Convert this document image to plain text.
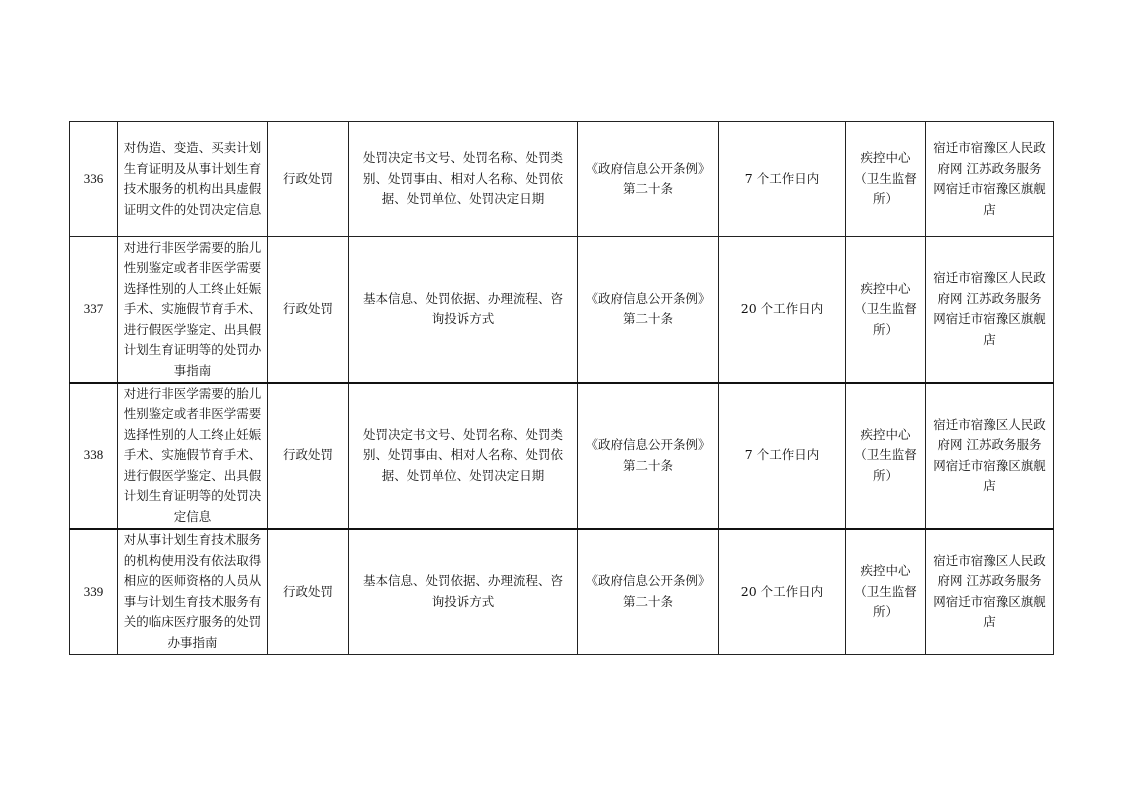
336	对伪造、变造、买卖计划生育证明及从事计划生育技术服务的机构出具虚假证明文件的处罚决定信息	行政处罚	处罚决定书文号、处罚名称、处罚类别、处罚事由、相对人名称、处罚依据、处罚单位、处罚决定日期	《政府信息公开条例》第二十条	7 个工作日内	疾控中心（卫生监督所）	宿迁市宿豫区人民政府网 江苏政务服务网宿迁市宿豫区旗舰店
337	对进行非医学需要的胎儿性别鉴定或者非医学需要选择性别的人工终止妊娠手术、实施假节育手术、进行假医学鉴定、出具假计划生育证明等的处罚办事指南	行政处罚	基本信息、处罚依据、办理流程、咨询投诉方式	《政府信息公开条例》第二十条	20 个工作日内	疾控中心（卫生监督所）	宿迁市宿豫区人民政府网 江苏政务服务网宿迁市宿豫区旗舰店
338	对进行非医学需要的胎儿性别鉴定或者非医学需要选择性别的人工终止妊娠手术、实施假节育手术、进行假医学鉴定、出具假计划生育证明等的处罚决定信息	行政处罚	处罚决定书文号、处罚名称、处罚类别、处罚事由、相对人名称、处罚依据、处罚单位、处罚决定日期	《政府信息公开条例》第二十条	7 个工作日内	疾控中心（卫生监督所）	宿迁市宿豫区人民政府网 江苏政务服务网宿迁市宿豫区旗舰店
339	对从事计划生育技术服务的机构使用没有依法取得相应的医师资格的人员从事与计划生育技术服务有关的临床医疗服务的处罚办事指南	行政处罚	基本信息、处罚依据、办理流程、咨询投诉方式	《政府信息公开条例》第二十条	20 个工作日内	疾控中心（卫生监督所）	宿迁市宿豫区人民政府网 江苏政务服务网宿迁市宿豫区旗舰店
